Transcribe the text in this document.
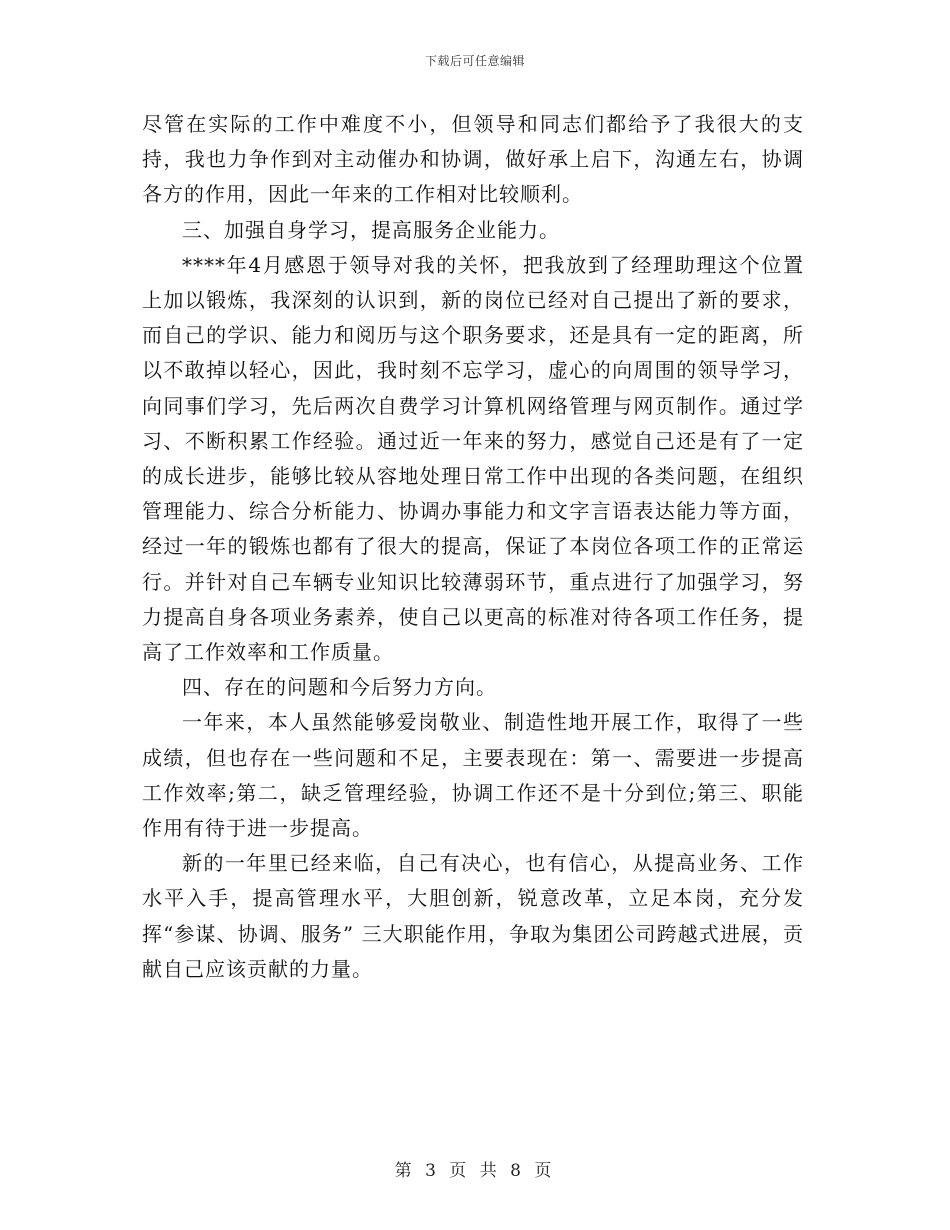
下载后可任意编辑

尽管在实际的工作中难度不小，但领导和同志们都给予了我很大的支持，我也力争作到对主动催办和协调，做好承上启下，沟通左右，协调各方的作用，因此一年来的工作相对比较顺利。

三、加强自身学习，提高服务企业能力。

****年4月感恩于领导对我的关怀，把我放到了经理助理这个位置上加以锻炼，我深刻的认识到，新的岗位已经对自己提出了新的要求，而自己的学识、能力和阅历与这个职务要求，还是具有一定的距离，所以不敢掉以轻心，因此，我时刻不忘学习，虚心的向周围的领导学习，向同事们学习，先后两次自费学习计算机网络管理与网页制作。通过学习、不断积累工作经验。通过近一年来的努力，感觉自己还是有了一定的成长进步，能够比较从容地处理日常工作中出现的各类问题，在组织管理能力、综合分析能力、协调办事能力和文字言语表达能力等方面，经过一年的锻炼也都有了很大的提高，保证了本岗位各项工作的正常运行。并针对自己车辆专业知识比较薄弱环节，重点进行了加强学习，努力提高自身各项业务素养，使自己以更高的标准对待各项工作任务，提高了工作效率和工作质量。

四、存在的问题和今后努力方向。

一年来，本人虽然能够爱岗敬业、制造性地开展工作，取得了一些成绩，但也存在一些问题和不足，主要表现在：第一、需要进一步提高工作效率;第二，缺乏管理经验，协调工作还不是十分到位;第三、职能作用有待于进一步提高。

新的一年里已经来临，自己有决心，也有信心，从提高业务、工作水平入手，提高管理水平，大胆创新，锐意改革，立足本岗，充分发挥“参谋、协调、服务” 三大职能作用，争取为集团公司跨越式进展，贡献自己应该贡献的力量。

第 3 页 共 8 页
